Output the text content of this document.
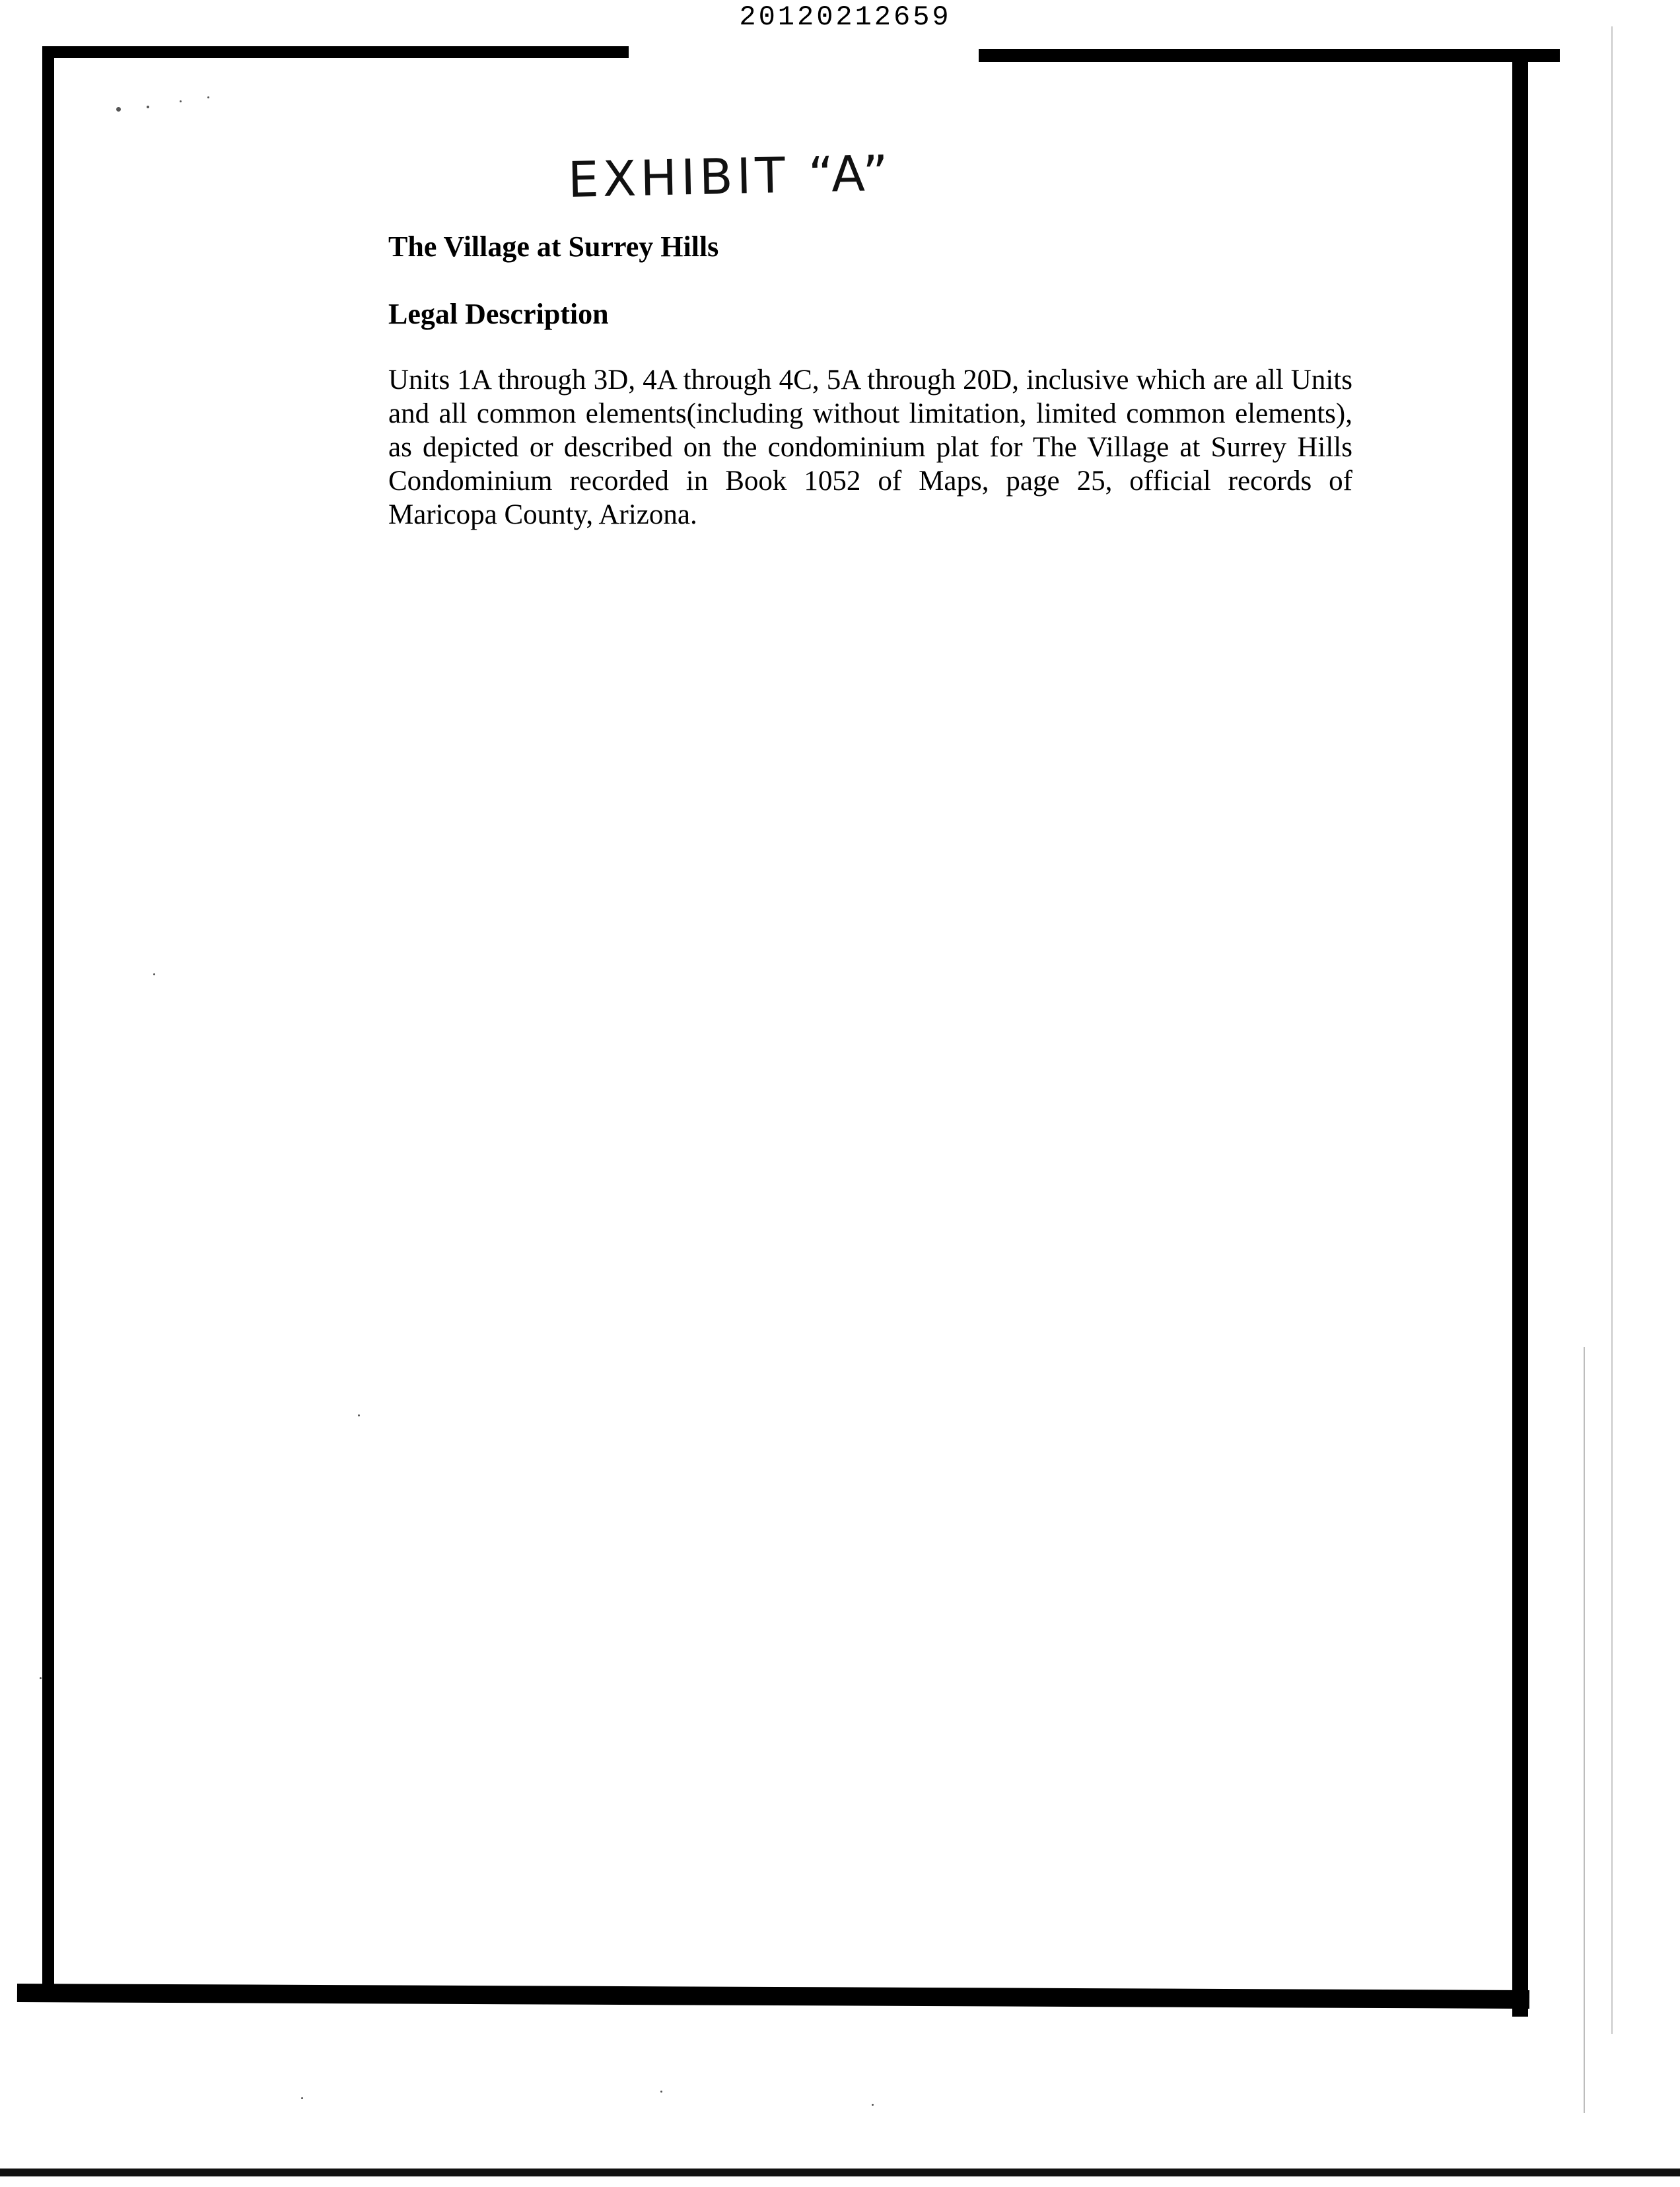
20120212659
EXHIBIT “A”

The Village at Surrey Hills

Legal Description

Units 1A through 3D, 4A through 4C, 5A through 20D, inclusive which are all Units and all common elements(including without limitation, limited common elements), as depicted or described on the condominium plat for The Village at Surrey Hills Condominium recorded in Book 1052 of Maps, page 25, official records of Maricopa County, Arizona.
